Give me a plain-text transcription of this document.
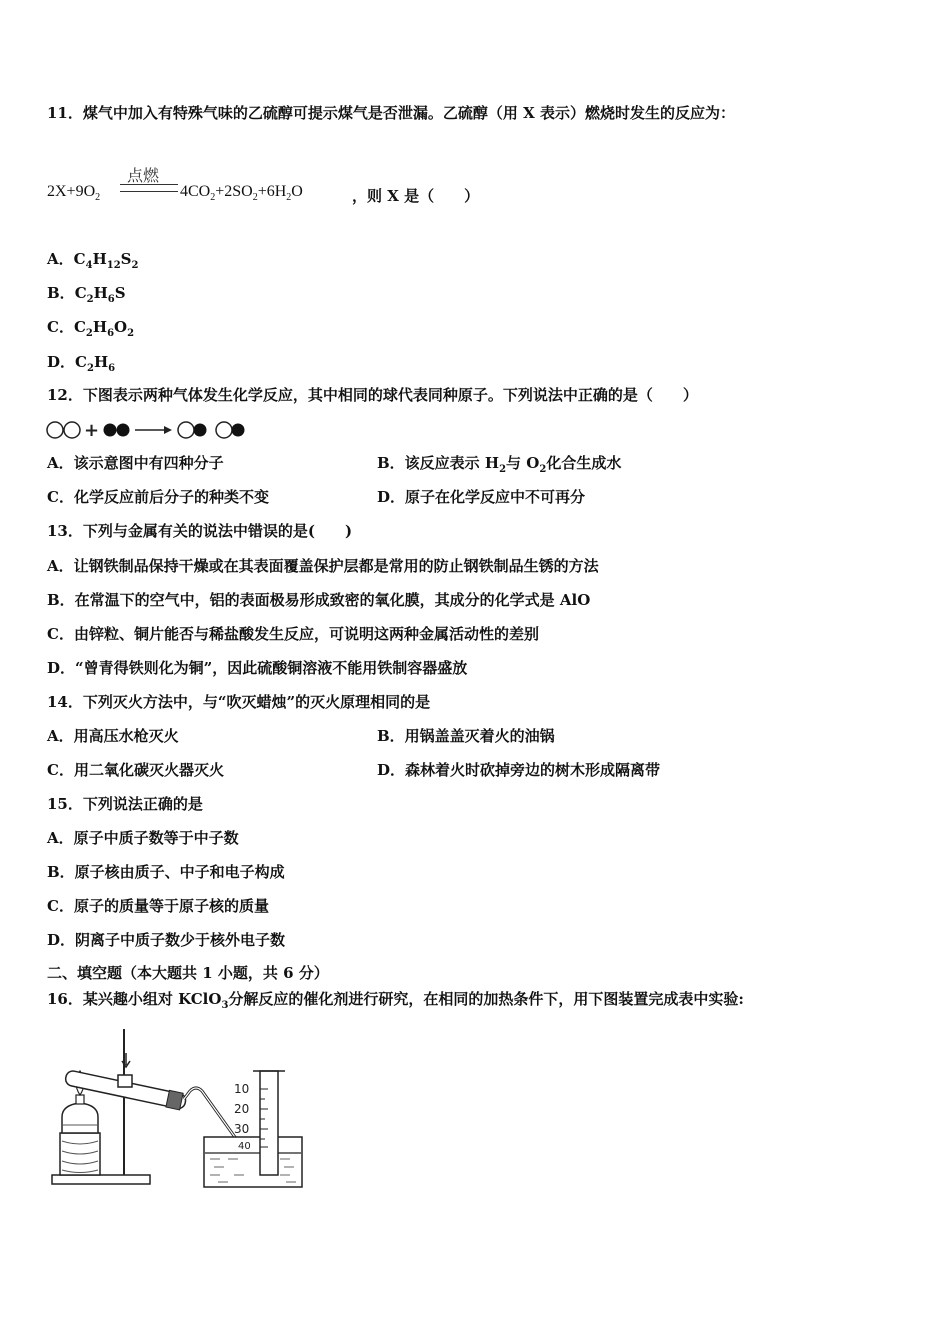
11．煤气中加入有特殊气味的乙硫醇可提示煤气是否泄漏。乙硫醇（用 X 表示）燃烧时发生的反应为：
$2X+9O_2$
点燃
$4CO_2+2SO_2+6H_2O$	，则 X 是（　　）
A．$C_4H_{12}S_2$
B．$C_2H_6S$
C．$C_2H_6O_2$
D．$C_2H_6$
12．下图表示两种气体发生化学反应，其中相同的球代表同种原子。下列说法中正确的是（　　）
+
A．该示意图中有四种分子	B．该反应表示 $H_2$与 $O_2$化合生成水
C．化学反应前后分子的种类不变	D．原子在化学反应中不可再分
13．下列与金属有关的说法中错误的是(　　)
A．让钢铁制品保持干燥或在其表面覆盖保护层都是常用的防止钢铁制品生锈的方法
B．在常温下的空气中，铝的表面极易形成致密的氧化膜，其成分的化学式是 AlO
C．由锌粒、铜片能否与稀盐酸发生反应，可说明这两种金属活动性的差别
D．“曾青得铁则化为铜”，因此硫酸铜溶液不能用铁制容器盛放
14．下列灭火方法中，与“吹灭蜡烛”的灭火原理相同的是
A．用高压水枪灭火	B．用锅盖盖灭着火的油锅
C．用二氧化碳灭火器灭火	D．森林着火时砍掉旁边的树木形成隔离带
15．下列说法正确的是
A．原子中质子数等于中子数
B．原子核由质子、中子和电子构成
C．原子的质量等于原子核的质量
D．阴离子中质子数少于核外电子数
二、填空题（本大题共 1 小题，共 6 分）
16．某兴趣小组对 KClO$_3$分解反应的催化剂进行研究，在相同的加热条件下，用下图装置完成表中实验:
10
20
30
40
